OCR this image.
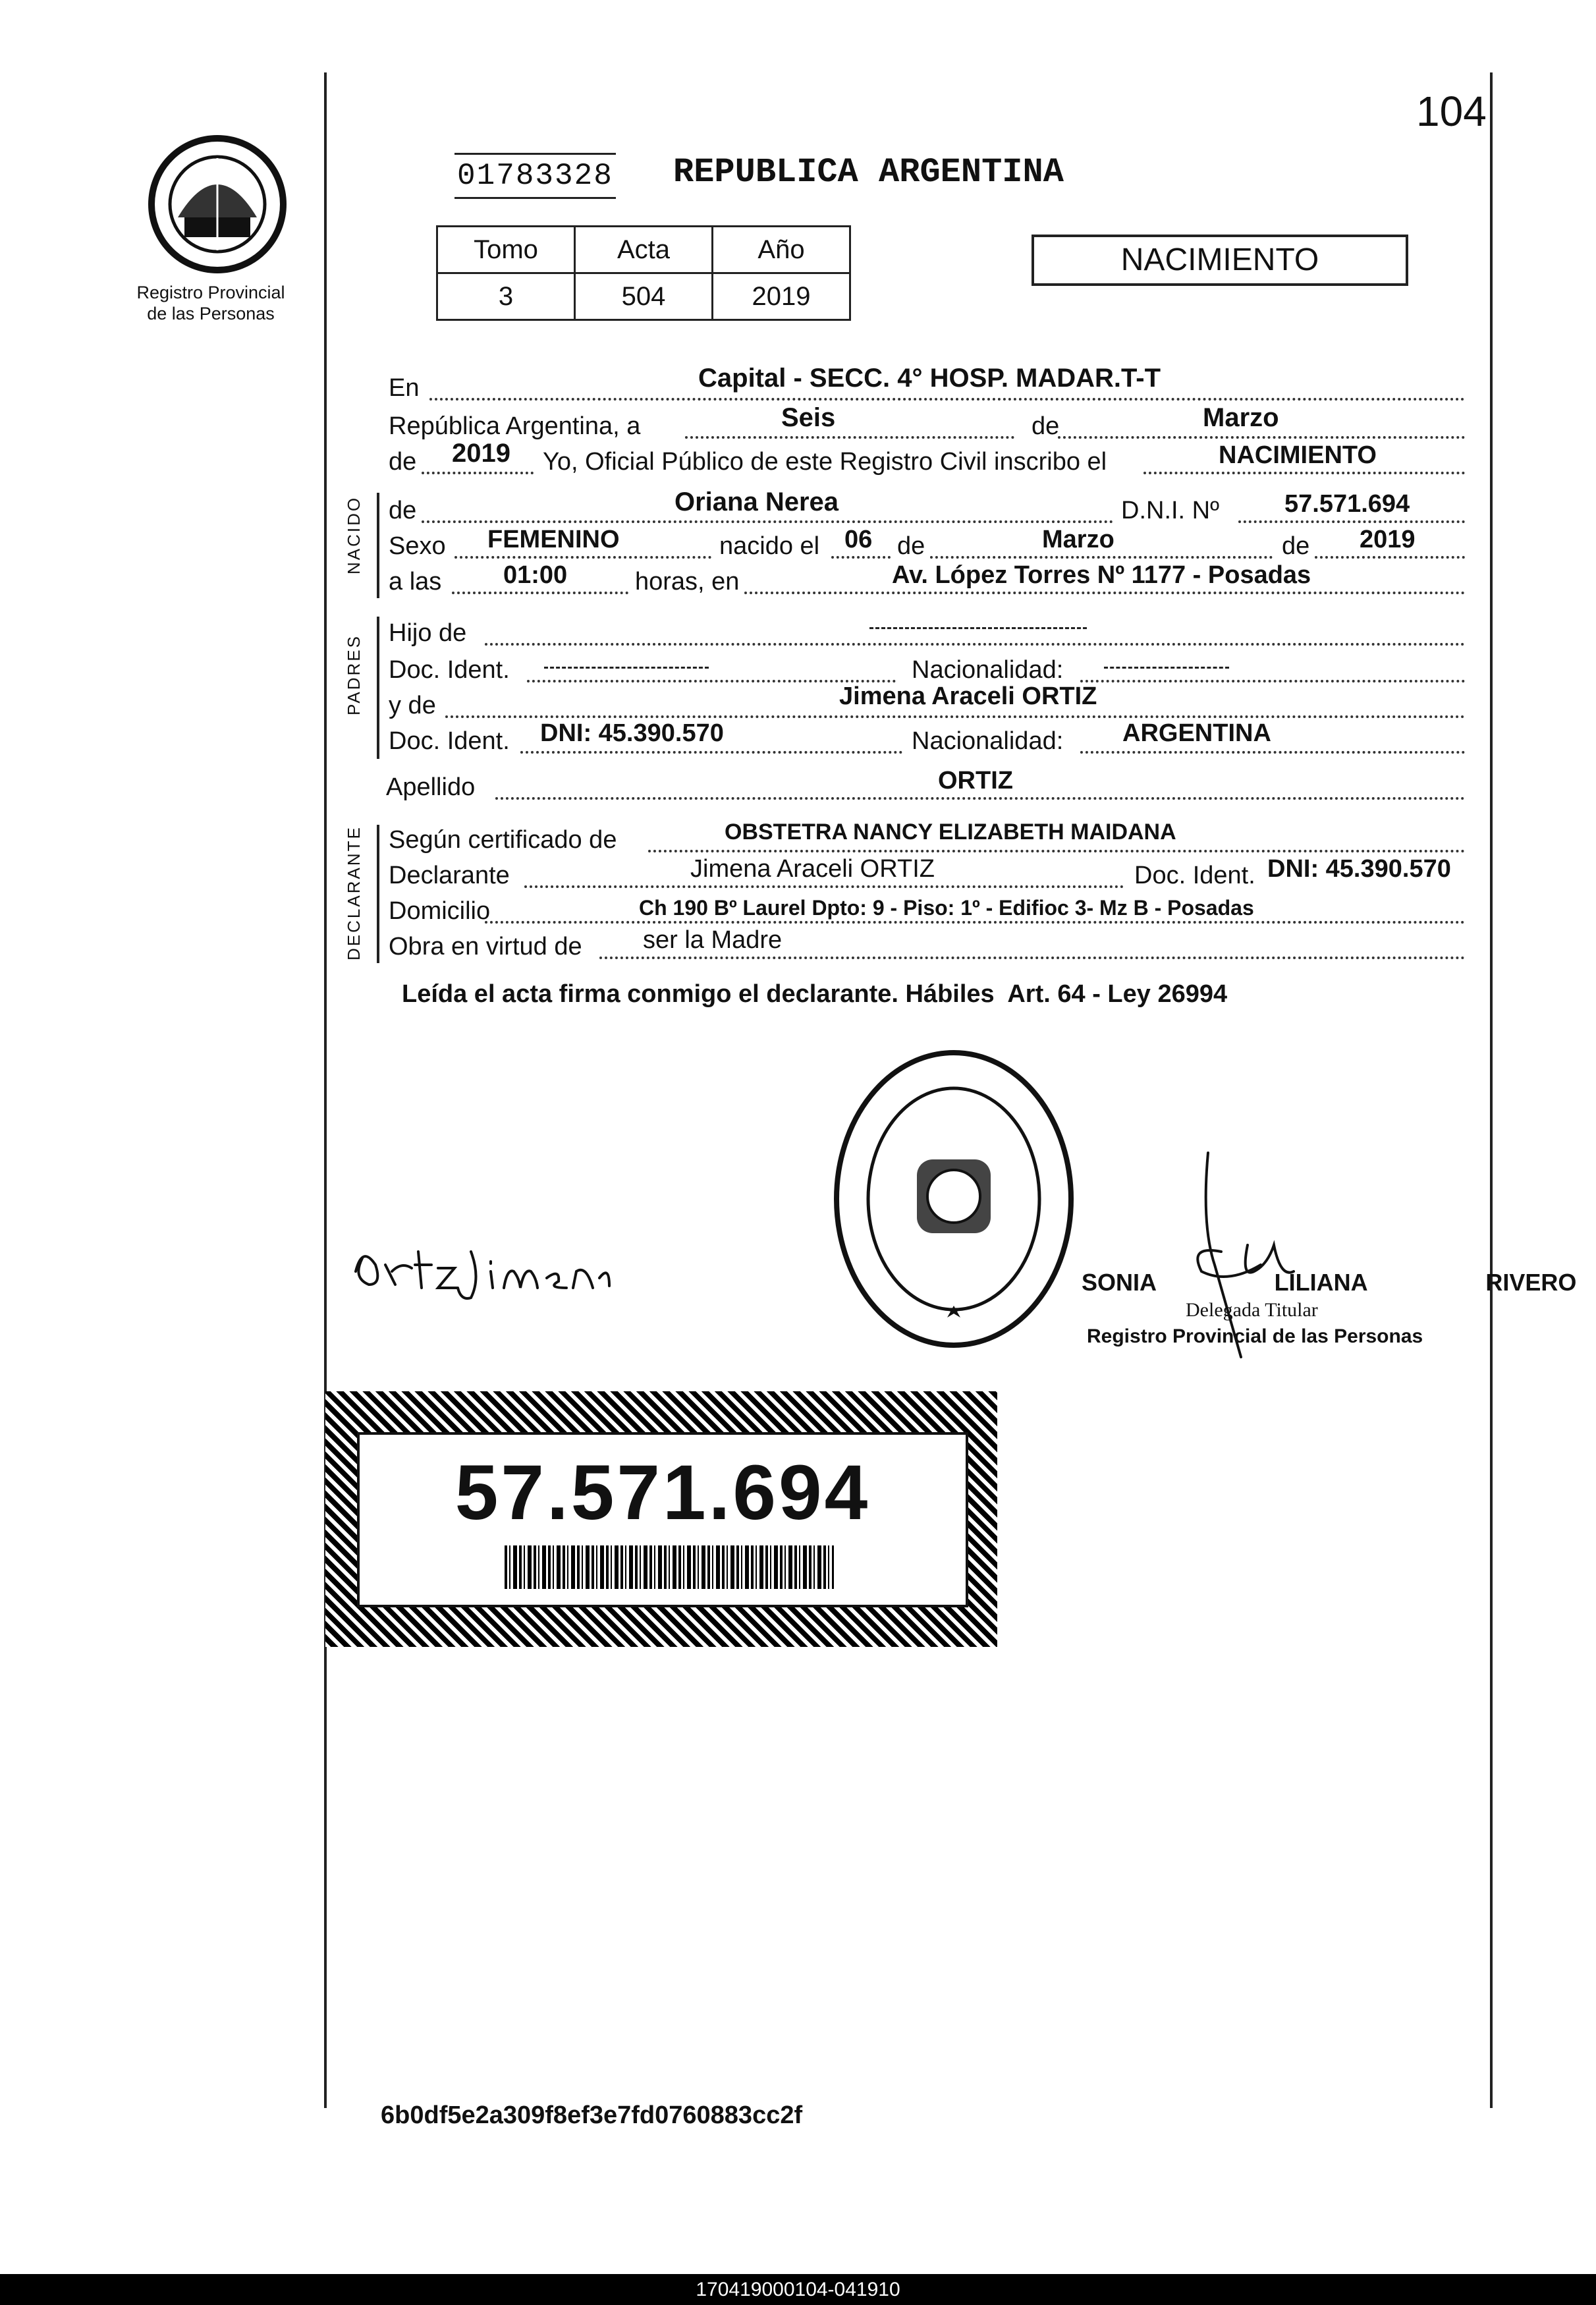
104
Registro Provincial
de las Personas
01783328 REPUBLICA ARGENTINA
Tomo	Acta	Año
3	504	2019
NACIMIENTO
En	Capital - SECC. 4° HOSP. MADAR.T-T
República Argentina, a	Seis	de	Marzo
de 2019 Yo, Oficial Público de este Registro Civil inscribo el	NACIMIENTO
NACIDO de	Oriana Nerea	D.N.I. Nº	57.571.694
Sexo FEMENINO	nacido el 06 de	Marzo	de 2019
a las 01:00	horas, en	Av. López Torres Nº 1177 - Posadas
PADRES
Hijo de
Doc. Ident.	Nacionalidad:
y de	Jimena Araceli ORTIZ
Doc. Ident. DNI: 45.390.570	Nacionalidad: ARGENTINA
Apellido	ORTIZ
DECLARANTE Según certificado de	OBSTETRA NANCY ELIZABETH MAIDANA
Declarante	Jimena Araceli ORTIZ	Doc. Ident. DNI: 45.390.570
Domicilio	Ch 190 Bº Laurel Dpto: 9 - Piso: 1º - Edifioc 3- Mz B - Posadas
Obra en virtud de ser la Madre
Leída el acta firma conmigo el declarante. Hábiles  Art. 64 - Ley 26994
SONIA LILIANA RIVERO
Delegada Titular
Registro Provincial de las Personas
57.571.694
6b0df5e2a309f8ef3e7fd0760883cc2f
170419000104-041910
